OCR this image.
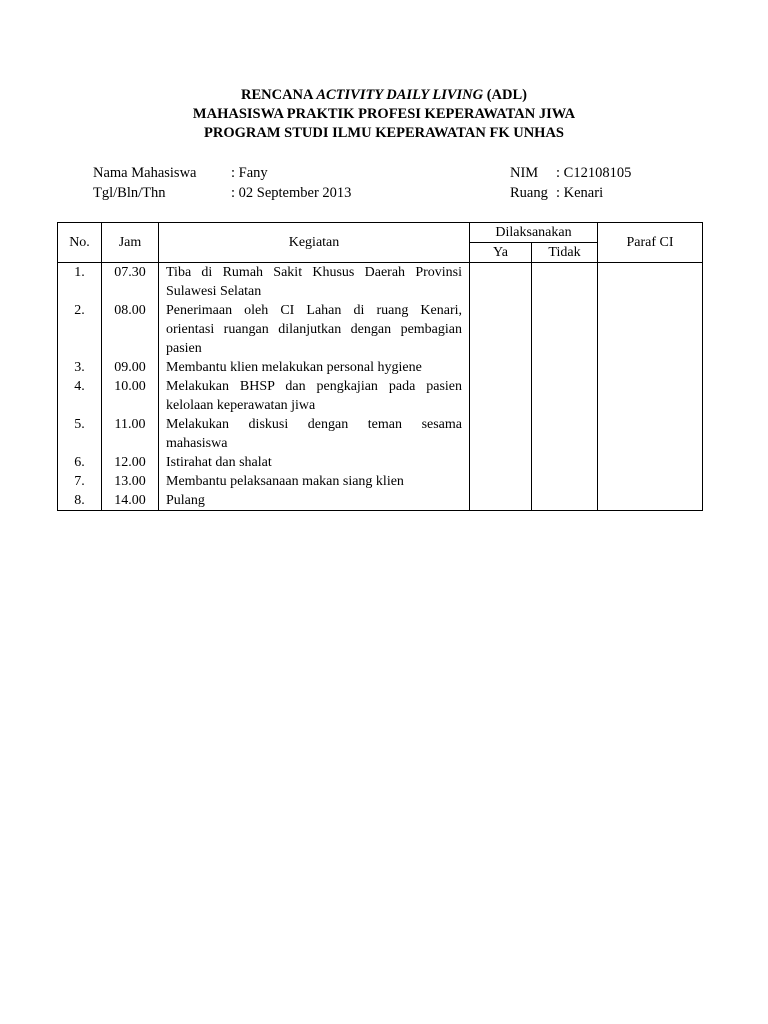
RENCANA ACTIVITY DAILY LIVING (ADL)
MAHASISWA PRAKTIK PROFESI KEPERAWATAN JIWA
PROGRAM STUDI ILMU KEPERAWATAN FK UNHAS
Nama Mahasiswa : Fany
Tgl/Bln/Thn	: 02 September 2013
NIM : C12108105
Ruang : Kenari
No.	Jam	Kegiatan	Dilaksanakan		Paraf CI
			Ya	Tidak	
1.	07.30	Tiba di Rumah Sakit Khusus Daerah Provinsi Sulawesi Selatan			
2.	08.00	Penerimaan oleh CI Lahan di ruang Kenari, orientasi ruangan dilanjutkan dengan pembagian pasien			
3.	09.00	Membantu klien melakukan personal hygiene			
4.	10.00	Melakukan BHSP dan pengkajian pada pasien kelolaan keperawatan jiwa			
5.	11.00	Melakukan diskusi dengan teman sesama mahasiswa			
6.	12.00	Istirahat dan shalat			
7.	13.00	Membantu pelaksanaan makan siang klien			
8.	14.00	Pulang			
